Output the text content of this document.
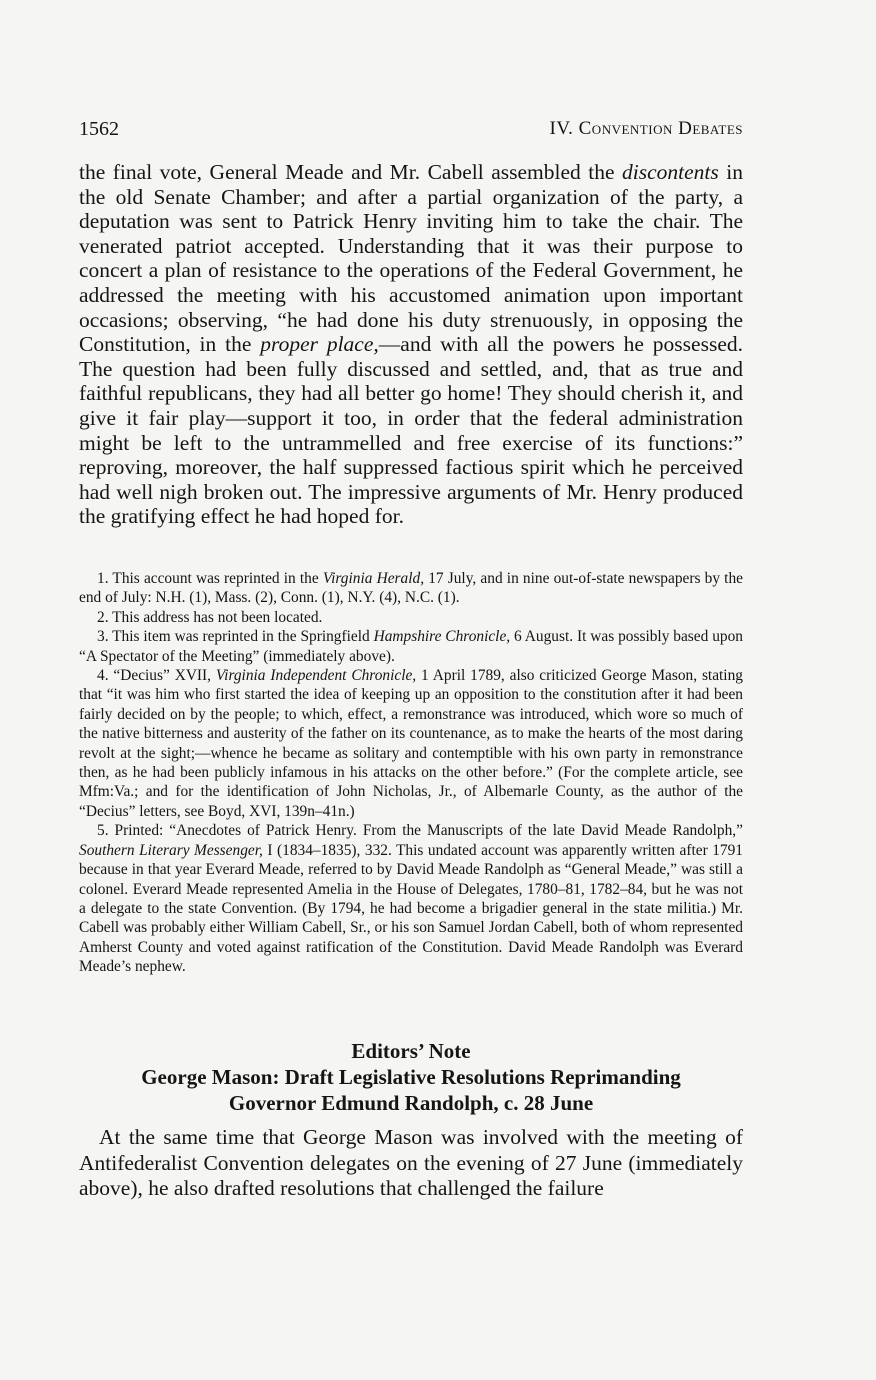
1562	IV. Convention Debates

the final vote, General Meade and Mr. Cabell assembled the discontents in the old Senate Chamber; and after a partial organization of the party, a deputation was sent to Patrick Henry inviting him to take the chair. The venerated patriot accepted. Understanding that it was their purpose to concert a plan of resistance to the operations of the Federal Government, he addressed the meeting with his accustomed animation upon important occasions; observing, “he had done his duty strenuously, in opposing the Constitution, in the proper place,—and with all the powers he possessed. The question had been fully discussed and settled, and, that as true and faithful republicans, they had all better go home! They should cherish it, and give it fair play—support it too, in order that the federal administration might be left to the untrammelled and free exercise of its functions:” reproving, moreover, the half suppressed factious spirit which he perceived had well nigh broken out. The impressive arguments of Mr. Henry produced the gratifying effect he had hoped for.

1. This account was reprinted in the Virginia Herald, 17 July, and in nine out-of-state newspapers by the end of July: N.H. (1), Mass. (2), Conn. (1), N.Y. (4), N.C. (1).

2. This address has not been located.

3. This item was reprinted in the Springfield Hampshire Chronicle, 6 August. It was possibly based upon “A Spectator of the Meeting” (immediately above).

4. “Decius” XVII, Virginia Independent Chronicle, 1 April 1789, also criticized George Mason, stating that “it was him who first started the idea of keeping up an opposition to the constitution after it had been fairly decided on by the people; to which, effect, a remonstrance was introduced, which wore so much of the native bitterness and austerity of the father on its countenance, as to make the hearts of the most daring revolt at the sight;—whence he became as solitary and contemptible with his own party in remonstrance then, as he had been publicly infamous in his attacks on the other before.” (For the complete article, see Mfm:Va.; and for the identification of John Nicholas, Jr., of Albemarle County, as the author of the “Decius” letters, see Boyd, XVI, 139n–41n.)

5. Printed: “Anecdotes of Patrick Henry. From the Manuscripts of the late David Meade Randolph,” Southern Literary Messenger, I (1834–1835), 332. This undated account was apparently written after 1791 because in that year Everard Meade, referred to by David Meade Randolph as “General Meade,” was still a colonel. Everard Meade represented Amelia in the House of Delegates, 1780–81, 1782–84, but he was not a delegate to the state Convention. (By 1794, he had become a brigadier general in the state militia.) Mr. Cabell was probably either William Cabell, Sr., or his son Samuel Jordan Cabell, both of whom represented Amherst County and voted against ratification of the Constitution. David Meade Randolph was Everard Meade’s nephew.

Editors’ Note
George Mason: Draft Legislative Resolutions Reprimanding
Governor Edmund Randolph, c. 28 June

At the same time that George Mason was involved with the meeting of Antifederalist Convention delegates on the evening of 27 June (immediately above), he also drafted resolutions that challenged the failure
